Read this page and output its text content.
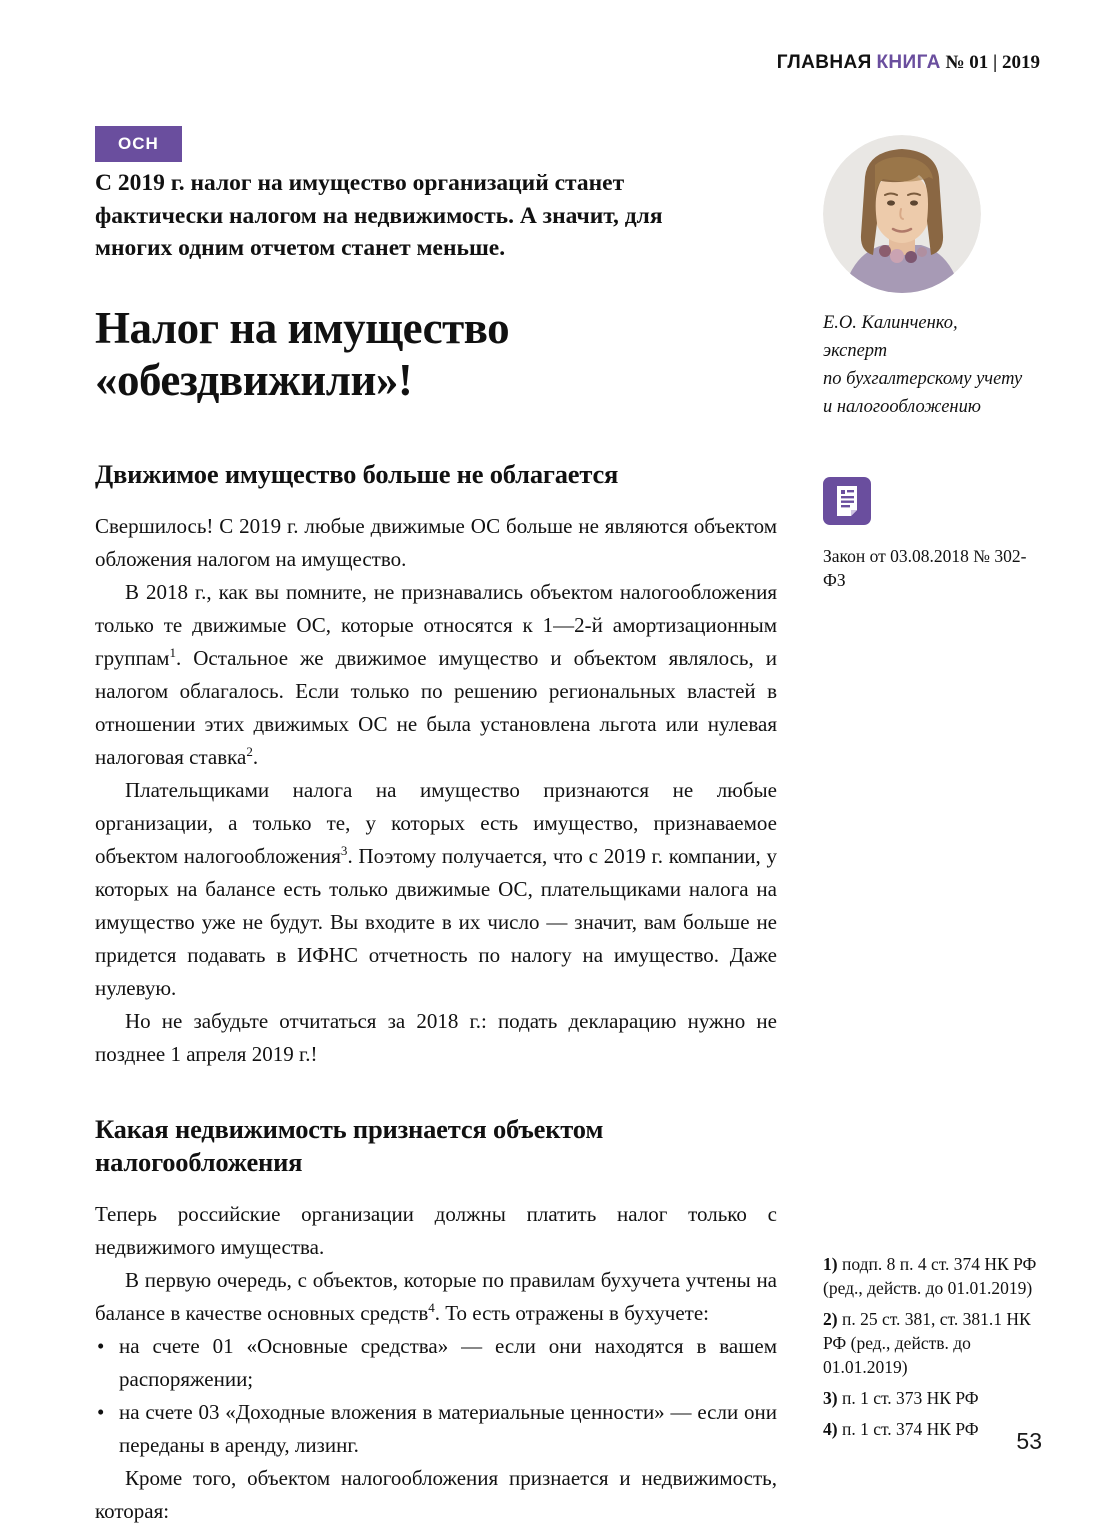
ГЛАВНАЯ КНИГА № 01 | 2019
ОСН
С 2019 г. налог на имущество организаций станет фактически налогом на недвижимость. А значит, для многих одним отчетом станет меньше.
Налог на имущество
«обездвижили»!
Движимое имущество больше не облагается

Свершилось! С 2019 г. любые движимые ОС больше не являются объектом обложения налогом на имущество.

В 2018 г., как вы помните, не признавались объектом налогообложения только те движимые ОС, которые относятся к 1—2-й амортизационным группам$^1$. Остальное же движимое имущество и объектом являлось, и налогом облагалось. Если только по решению региональных властей в отношении этих движимых ОС не была установлена льгота или нулевая налоговая ставка$^2$.

Плательщиками налога на имущество признаются не любые организации, а только те, у которых есть имущество, признаваемое объектом налогообложения$^3$. Поэтому получается, что с 2019 г. компании, у которых на балансе есть только движимые ОС, плательщиками налога на имущество уже не будут. Вы входите в их число — значит, вам больше не придется подавать в ИФНС отчетность по налогу на имущество. Даже нулевую.

Но не забудьте отчитаться за 2018 г.: подать декларацию нужно не позднее 1 апреля 2019 г.!

Какая недвижимость признается объектом налогообложения

Теперь российские организации должны платить налог только с недвижимого имущества.

В первую очередь, с объектов, которые по правилам бухучета учтены на балансе в качестве основных средств$^4$. То есть отражены в бухучете:

• на счете 01 «Основные средства» — если они находятся в вашем распоряжении;

• на счете 03 «Доходные вложения в материальные ценности» — если они переданы в аренду, лизинг.

Кроме того, объектом налогообложения признается и недвижимость, которая:

Е.О. Калинченко,
эксперт
по бухгалтерскому учету
и налогообложению
Закон от 03.08.2018 № 302-ФЗ
1) подп. 8 п. 4 ст. 374 НК РФ (ред., действ. до 01.01.2019)
2) п. 25 ст. 381, ст. 381.1 НК РФ (ред., действ. до 01.01.2019)
3) п. 1 ст. 373 НК РФ
4) п. 1 ст. 374 НК РФ	53
